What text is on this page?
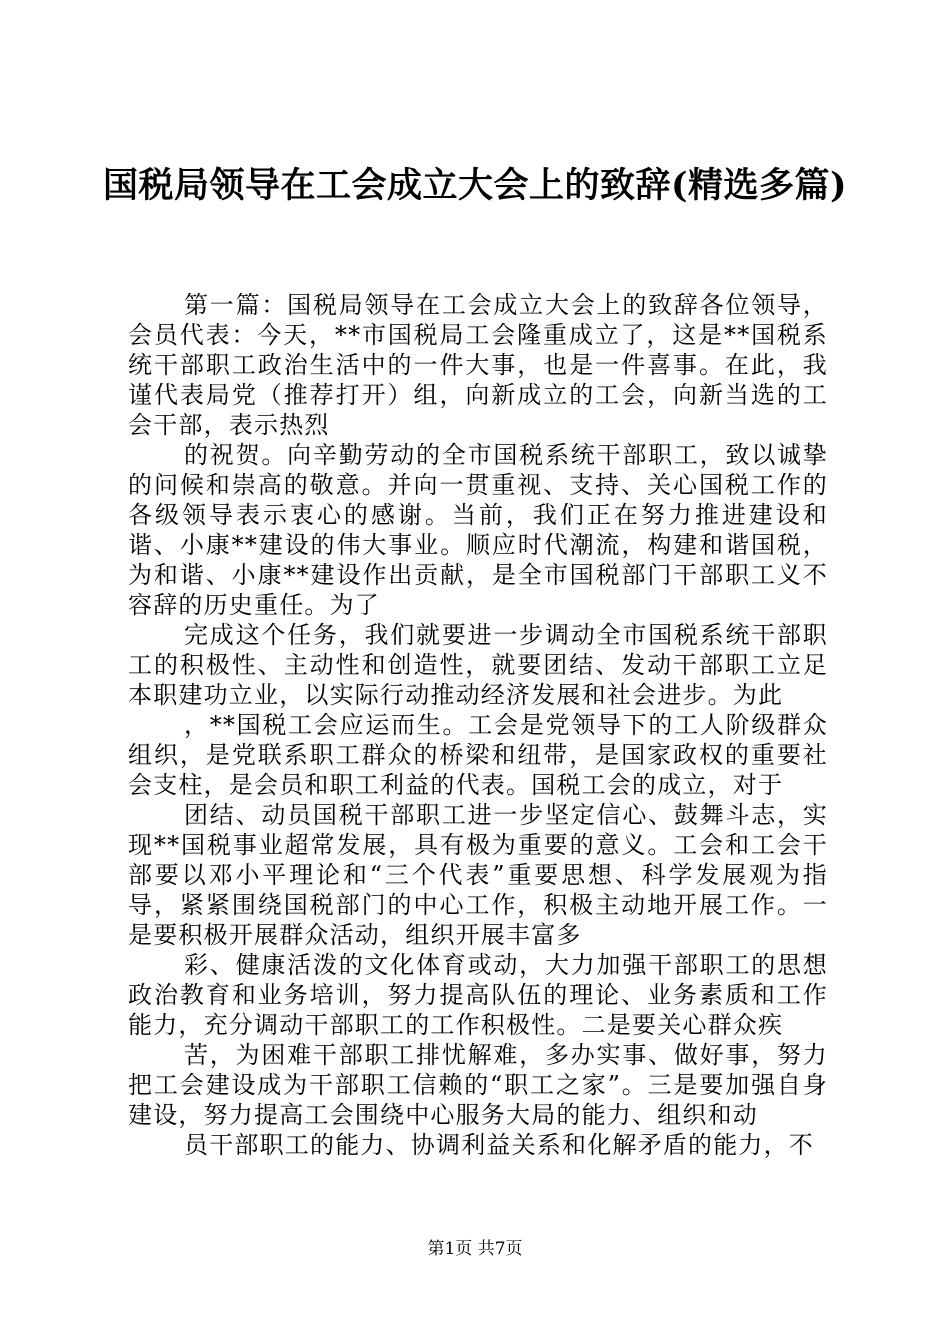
国税局领导在工会成立大会上的致辞(精选多篇)

第一篇：国税局领导在工会成立大会上的致辞各位领导，会员代表：今天，**市国税局工会隆重成立了，这是**国税系统干部职工政治生活中的一件大事，也是一件喜事。在此，我谨代表局党（推荐打开）组，向新成立的工会，向新当选的工会干部，表示热烈

的祝贺。向辛勤劳动的全市国税系统干部职工，致以诚挚的问候和崇高的敬意。并向一贯重视、支持、关心国税工作的各级领导表示衷心的感谢。当前，我们正在努力推进建设和谐、小康**建设的伟大事业。顺应时代潮流，构建和谐国税，为和谐、小康**建设作出贡献，是全市国税部门干部职工义不容辞的历史重任。为了

完成这个任务，我们就要进一步调动全市国税系统干部职工的积极性、主动性和创造性，就要团结、发动干部职工立足本职建功立业，以实际行动推动经济发展和社会进步。为此

，**国税工会应运而生。工会是党领导下的工人阶级群众组织，是党联系职工群众的桥梁和纽带，是国家政权的重要社会支柱，是会员和职工利益的代表。国税工会的成立，对于

团结、动员国税干部职工进一步坚定信心、鼓舞斗志，实现**国税事业超常发展，具有极为重要的意义。工会和工会干部要以邓小平理论和“三个代表”重要思想、科学发展观为指导，紧紧围绕国税部门的中心工作，积极主动地开展工作。一是要积极开展群众活动，组织开展丰富多

彩、健康活泼的文化体育或动，大力加强干部职工的思想政治教育和业务培训，努力提高队伍的理论、业务素质和工作能力，充分调动干部职工的工作积极性。二是要关心群众疾

苦，为困难干部职工排忧解难，多办实事、做好事，努力把工会建设成为干部职工信赖的“职工之家”。三是要加强自身建设，努力提高工会围绕中心服务大局的能力、组织和动

员干部职工的能力、协调利益关系和化解矛盾的能力，不

第1页 共7页
